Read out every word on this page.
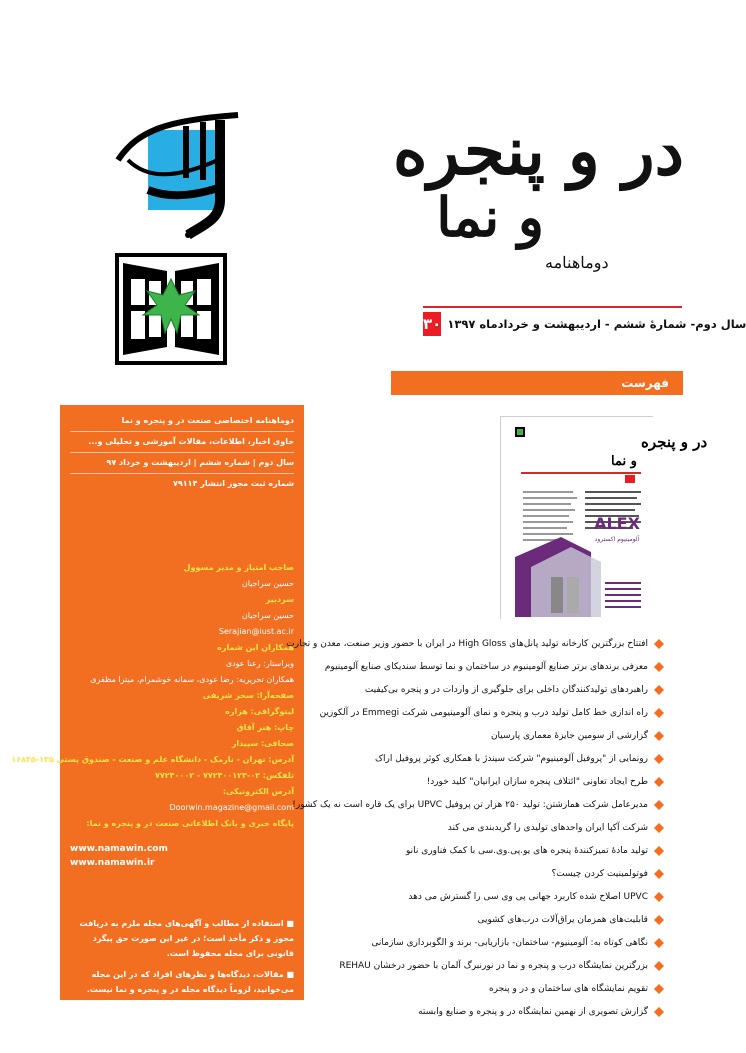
در و پنجره
و نما
دوماهنامه
سال دوم- شمارۀ ششم - اردیبهشت و خردادماه ۱۳۹۷
۳۰
فهرست
در و پنجره
و نما
ALEX
آلومینیوم اکسترود
دوماهنامه اختصاصی صنعت در و پنجره و نما
حاوی اخبار، اطلاعات، مقالات آموزشی و تحلیلی و...
سال دوم | شماره ششم | اردیبهشت و خرداد ۹۷
شماره ثبت مجوز انتشار ۷۹۱۱۴
صاحب امتیاز و مدیر مسوول
حسین سراجیان
سردبیر
حسین سراجیان
Serajian@iust.ac.ir
همکاران این شماره
ویراستار: رعنا عودی
همکاران تحریریه: رضا عودی، سمانه خوشمرام، میترا مظفری
صفحه‌آرا: سحر شریفی
لیتوگرافی: هزاره
چاپ: هنر آفاق
صحافی: سپیدار
آدرس: تهران - نارمک - دانشگاه علم و صنعت - صندوق پستی ۱۳۵-۱۶۸۴۵
تلفکس: ۰۲-۷۷۲۴۰۰۱۲۳ - ۷۷۲۴۰۰۰۲
آدرس الکترونیکی:
Doorwin.magazine@gmail.com
پایگاه خبری و بانک اطلاعاتی صنعت در و پنجره و نما:
www.namawin.com
www.namawin.ir
■ استفاده از مطالب و آگهی‌های مجله ملزم به دریافت مجوز و ذکر مأخذ است؛ در غیر این صورت حق پیگرد قانونی برای مجله محفوظ است.
■ مقالات، دیدگاه‌ها و نظرهای افراد که در این مجله می‌خوانید، لزوماً دیدگاه مجله در و پنجره و نما نیست.
افتتاح بزرگترین کارخانه تولید پانل‌های High Gloss در ایران با حضور وزیر صنعت، معدن و تجارت
معرفی برندهای برتر صنایع آلومینیوم در ساختمان و نما توسط سندیکای صنایع آلومینیوم
راهبردهای تولیدکنندگان داخلی برای جلوگیری از واردات در و پنجره بی‌کیفیت
راه اندازی خط کامل تولید درب و پنجره و نمای آلومینیومی شرکت Emmegi در آلکوزین
گزارشی از سومین جایزۀ معماری پارسیان
رونمایی از "پروفیل آلومینیوم" شرکت سیندژ با همکاری کوثر پروفیل اراک
طرح ایجاد تعاونی "ائتلاف پنجره سازان ایرانیان" کلید خورد!
مدیرعامل شرکت همارشتن: تولید ۲۵۰ هزار تن پروفیل UPVC برای یک قاره است نه یک کشور!
شرکت آکپا ایران واحدهای تولیدی را گریدبندی می کند
تولید مادۀ تمیزکنندۀ پنجره های یو.پی.وی.سی با کمک فناوری نانو
فوتولمینیت کردن چیست؟
UPVC اصلاح شده کاربرد جهانی پی وی سی را گسترش می دهد
قابلیت‌های همزمان یراق‌آلات درب‌های کشویی
نگاهی کوتاه به: آلومینیوم- ساختمان- بازاریابی- برند و الگوبرداری سازمانی
بزرگترین نمایشگاه درب و پنجره و نما در نورنبرگ آلمان با حضور درخشان REHAU
تقویم نمایشگاه های ساختمان و در و پنجره
گزارش تصویری از نهمین نمایشگاه در و پنجره و صنایع وابسته
